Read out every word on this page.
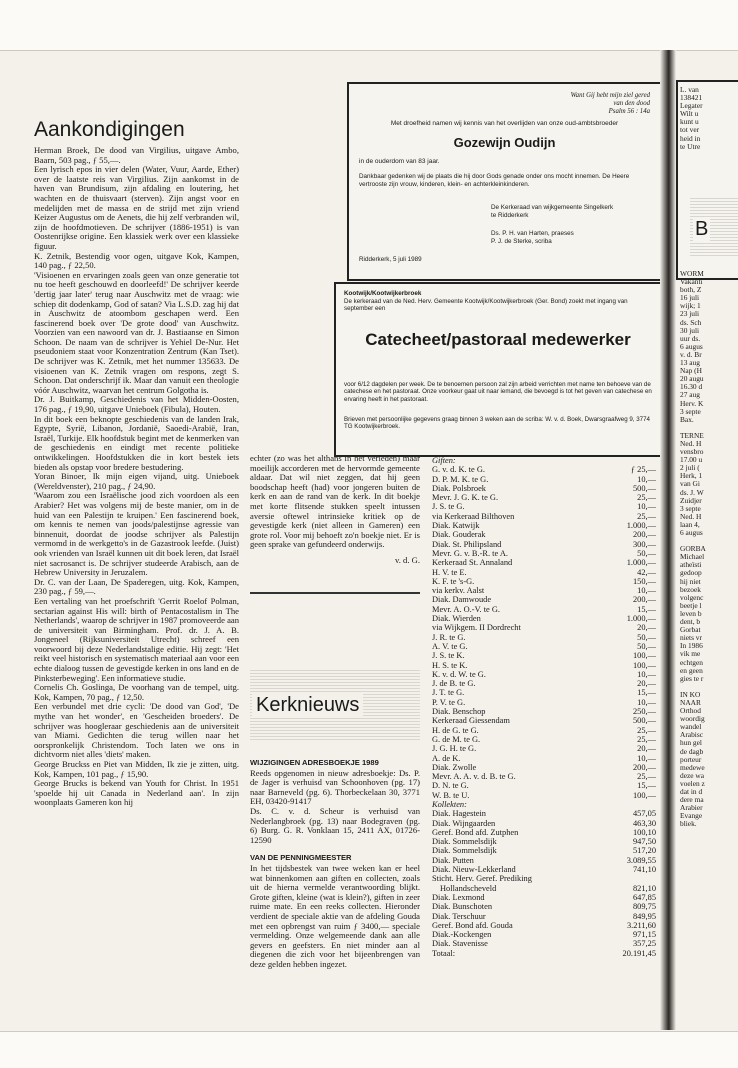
Aankondigingen

Herman Broek, De dood van Virgilius, uitgave Ambo, Baarn, 503 pag., ƒ 55,—.

Een lyrisch epos in vier delen (Water, Vuur, Aarde, Ether) over de laatste reis van Virgilius. Zijn aankomst in de haven van Brundisum, zijn afdaling en loutering, het wachten en de thuisvaart (sterven). Zijn angst voor en medelijden met de massa en de strijd met zijn vriend Keizer Augustus om de Aenets, die hij zelf verbranden wil, zijn de hoofdmotieven. De schrijver (1886-1951) is van Oostenrijkse origine. Een klassiek werk over een klassieke figuur.

K. Zetnik, Bestendig voor ogen, uitgave Kok, Kampen, 140 pag., ƒ 22,50.

'Visioenen en ervaringen zoals geen van onze generatie tot nu toe heeft geschouwd en doorleefd!' De schrijver keerde 'dertig jaar later' terug naar Auschwitz met de vraag: wie schiep dit dodenkamp, God of satan? Via L.S.D. zag hij dat in Auschwitz de atoombom geschapen werd. Een fascinerend boek over 'De grote dood' van Auschwitz. Voorzien van een nawoord van dr. J. Bastiaanse en Simon Schoon. De naam van de schrijver is Yehiel De-Nur. Het pseudoniem staat voor Konzentration Zentrum (Kan Tset). De schrijver was K. Zetnik, met het nummer 135633. De visioenen van K. Zetnik vragen om respons, zegt S. Schoon. Dat onderschrijf ik. Maar dan vanuit een theologie vóór Auschwitz, waarvan het centrum Golgotha is.

Dr. J. Buitkamp, Geschiedenis van het Midden-Oosten, 176 pag., ƒ 19,90, uitgave Unieboek (Fibula), Houten.

In dit boek een beknopte geschiedenis van de landen Irak, Egypte, Syrië, Libanon, Jordanië, Saoedi-Arabië, Iran, Israël, Turkije. Elk hoofdstuk begint met de kenmerken van de geschiedenis en eindigt met recente politieke ontwikkelingen. Hoofdstukken die in kort bestek iets bieden als opstap voor bredere bestudering.

Yoran Binoer, Ik mijn eigen vijand, uitg. Unieboek (Wereldvenster), 210 pag., ƒ 24,90.

'Waarom zou een Israëlische jood zich voordoen als een Arabier? Het was volgens mij de beste manier, om in de huid van een Palestijn te kruipen.' Een fascinerend boek, om kennis te nemen van joods/palestijnse agressie van binnenuit, doordat de joodse schrijver als Palestijn vermomd in de werkgetto's in de Gazastrook leefde. (Juist) ook vrienden van Israël kunnen uit dit boek leren, dat Israël niet sacrosanct is. De schrijver studeerde Arabisch, aan de Hebrew University in Jeruzalem.

Dr. C. van der Laan, De Spaderegen, uitg. Kok, Kampen, 230 pag., ƒ 59,—.

Een vertaling van het proefschrift 'Gerrit Roelof Polman, sectarian against His will: birth of Pentacostalism in The Netherlands', waarop de schrijver in 1987 promoveerde aan de universiteit van Birmingham. Prof. dr. J. A. B. Jongeneel (Rijksuniversiteit Utrecht) schreef een voorwoord bij deze Nederlandstalige editie. Hij zegt: 'Het reikt veel historisch en systematisch materiaal aan voor een echte dialoog tussen de gevestigde kerken in ons land en de Pinksterbeweging'. Een informatieve studie.

Cornelis Ch. Goslinga, De voorhang van de tempel, uitg. Kok, Kampen, 70 pag., ƒ 12,50.

Een verbundel met drie cycli: 'De dood van God', 'De mythe van het wonder', en 'Gescheiden broeders'. De schrijver was hoogleraar geschiedenis aan de universiteit van Miami. Gedichten die terug willen naar het oorspronkelijk Christendom. Toch laten we ons in dichtvorm niet alles 'diets' maken.

George Bruckss en Piet van Midden, Ik zie je zitten, uitg. Kok, Kampen, 101 pag., ƒ 15,90.

George Brucks is bekend van Youth for Christ. In 1951 'spoelde hij uit Canada in Nederland aan'. In zijn woonplaats Gameren kon hij

Want Gij hebt mijn ziel gered
van den dood
Psalm 56 : 14a
Met droefheid namen wij kennis van het overlijden van onze oud-ambtsbroeder
Gozewijn Oudijn
in de ouderdom van 83 jaar.
Dankbaar gedenken wij de plaats die hij door Gods genade onder ons mocht innemen. De Heere vertrooste zijn vrouw, kinderen, klein- en achterkleinkinderen.
De Kerkeraad van wijkgemeente Singelkerk
te Ridderkerk
Ds. P. H. van Harten, praeses
P. J. de Sterke, scriba
Ridderkerk, 5 juli 1989
Kootwijk/Kootwijkerbroek
De kerkeraad van de Ned. Herv. Gemeente Kootwijk/Kootwijkerbroek (Ger. Bond) zoekt met ingang van september een
Catecheet/pastoraal medewerker
voor 6/12 dagdelen per week. De te benoemen persoon zal zijn arbeid verrichten met name ten behoeve van de catechese en het pastoraat. Onze voorkeur gaat uit naar iemand, die bevoegd is tot het geven van catechese en ervaring heeft in het pastoraat.
Brieven met persoonlijke gegevens graag binnen 3 weken aan de scriba: W. v. d. Boek, Dwarsgraafweg 9, 3774 TG Kootwijkerbroek.

echter (zo was het althans in het verleden) maar moeilijk accorderen met de hervormde gemeente aldaar. Dat wil niet zeggen, dat hij geen boodschap heeft (had) voor jongeren buiten de kerk en aan de rand van de kerk. In dit boekje met korte flitsende stukken speelt intussen aversie oftewel intrinsieke kritiek op de gevestigde kerk (niet alleen in Gameren) een grote rol. Voor mij behoeft zo'n boekje niet. Er is geen sprake van gefundeerd onderwijs.

v. d. G.
Kerknieuws
WIJZIGINGEN ADRESBOEKJE 1989

Reeds opgenomen in nieuw adresboekje: Ds. P. de Jager is verhuisd van Schoonhoven (pg. 17) naar Barneveld (pg. 6). Thorbeckelaan 30, 3771 EH, 03420-91417

Ds. C. v. d. Scheur is verhuisd van Nederlangbroek (pg. 13) naar Bodegraven (pg. 6) Burg. G. R. Vonklaan 15, 2411 AX, 01726-12590

VAN DE PENNINGMEESTER

In het tijdsbestek van twee weken kan er heel wat binnenkomen aan giften en collecten, zoals uit de hierna vermelde verantwoording blijkt. Grote giften, kleine (wat is klein?), giften in zeer ruime mate. En een reeks collecten. Hieronder verdient de speciale aktie van de afdeling Gouda met een opbrengst van ruim ƒ 3400,— speciale vermelding. Onze welgemeende dank aan alle gevers en geefsters. En niet minder aan al diegenen die zich voor het bijeenbrengen van deze gelden hebben ingezet.

Giften:
G. v. d. K. te G.	ƒ 25,—
D. P. M. K. te G.	10,—
Diak. Polsbroek	500,—
Mevr. J. G. K. te G.	25,—
J. S. te G.	10,—
via Kerkeraad Bilthoven	25,—
Diak. Katwijk	1.000,—
Diak. Gouderak	200,—
Diak. St. Philipsland	300,—
Mevr. G. v. B.-R. te A.	50,—
Kerkeraad St. Annaland	1.000,—
H. V. te E.	42,—
K. F. te 's-G.	150,—
via kerkv. Aalst	10,—
Diak. Damwoude	200,—
Mevr. A. O.-V. te G.	15,—
Diak. Wierden	1.000,—
via Wijkgem. II Dordrecht	20,—
J. R. te G.	50,—
A. V. te G.	50,—
J. S. te K.	100,—
H. S. te K.	100,—
K. v. d. W. te G.	10,—
J. de B. te G.	20,—
J. T. te G.	15,—
P. V. te G.	10,—
Diak. Benschop	250,—
Kerkeraad Giessendam	500,—
H. de G. te G.	25,—
G. de M. te G.	25,—
J. G. H. te G.	20,—
A. de K.	10,—
Diak. Zwolle	200,—
Mevr. A. A. v. d. B. te G.	25,—
D. N. te G.	15,—
W. B. te U.	100,—
Kollekten:
Diak. Hagestein	457,05
Diak. Wijngaarden	463,30
Geref. Bond afd. Zutphen	100,10
Diak. Sommelsdijk	947,50
Diak. Sommelsdijk	517,20
Diak. Putten	3.089,55
Diak. Nieuw-Lekkerland	741,10
Sticht. Herv. Geref. Prediking
Hollandscheveld	821,10
Diak. Lexmond	647,85
Diak. Bunschoten	809,75
Diak. Terschuur	849,95
Geref. Bond afd. Gouda	3.211,60
Diak.-Kockengen	971,15
Diak. Stavenisse	357,25
Totaal:	20.191,45
L. van
138421
Legater
Wilt u
kunt u
tot ver
heid in
te Utre
B
WORM
Vakanti
both, Z
16 juli
wijk; 1
23 juli
ds. Sch
30 juli
uur ds.
6 augus
v. d. Br
13 aug
Nap (H
20 augu
16.30 d
27 aug
Herv. K
3 septe
Bax.
TERNE
Ned. H
vensbro
17.00 u
2 juli (
Herk, 1
van Gi
ds. J. W
Zuidjer
3 septe
Ned. H
laan 4,
6 augus
GORBA
Michael
atheïsti
gedoop
hij niet
bezoek
volgenc
beetje l
leven b
dent, b
Gorbat
niets vr
In 1986
vik me
echtgen
en geen
gies te r
IN KO
NAAR
Orthod
woordig
wandel
Arabisc
hun gel
de dagb
porteur
medewe
deze wa
voelen z
dat in d
dere ma
Arabier
Evange
bliek.
